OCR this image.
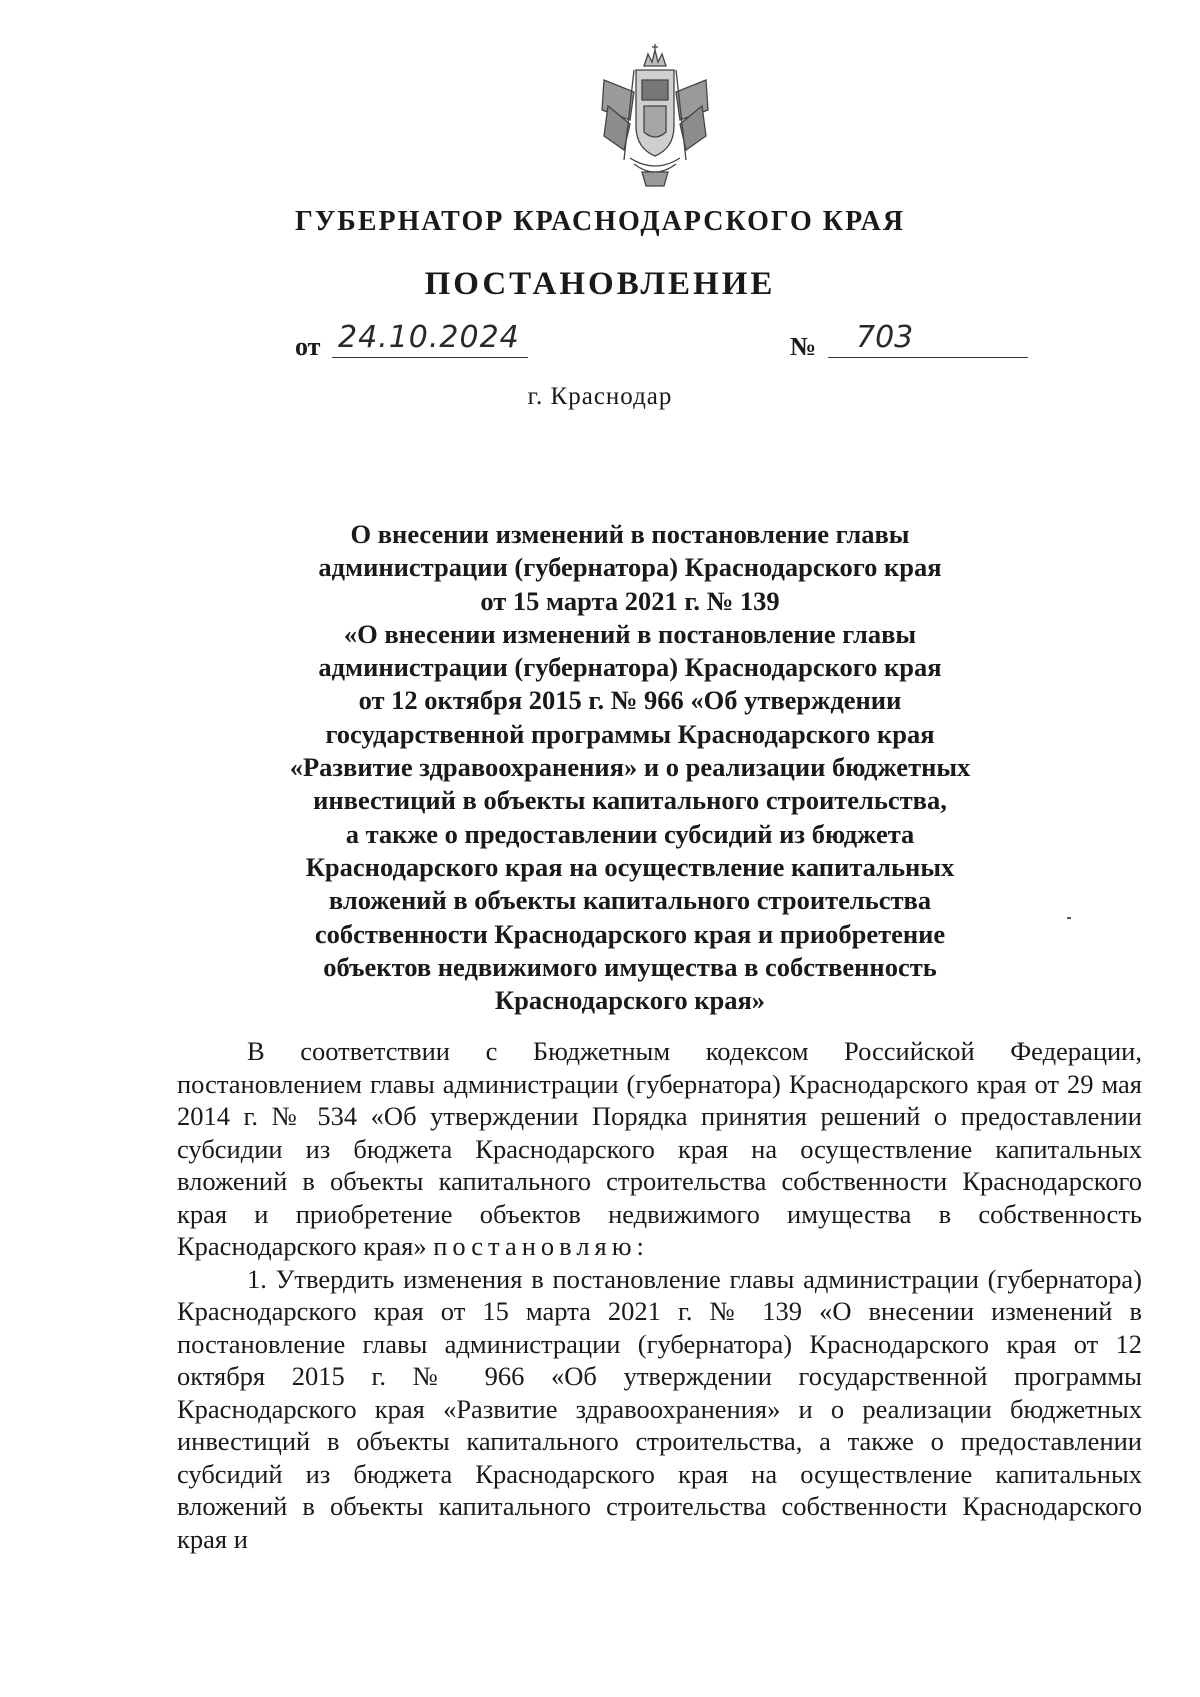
ГУБЕРНАТОР КРАСНОДАРСКОГО КРАЯ
ПОСТАНОВЛЕНИЕ
от 24.10.2024	№	703
г. Краснодар
О внесении изменений в постановление главы
администрации (губернатора) Краснодарского края
от 15 марта 2021 г. № 139
«О внесении изменений в постановление главы
администрации (губернатора) Краснодарского края
от 12 октября 2015 г. № 966 «Об утверждении
государственной программы Краснодарского края
«Развитие здравоохранения» и о реализации бюджетных
инвестиций в объекты капитального строительства,
а также о предоставлении субсидий из бюджета
Краснодарского края на осуществление капитальных
вложений в объекты капитального строительства
собственности Краснодарского края и приобретение
объектов недвижимого имущества в собственность
Краснодарского края»

В соответствии с Бюджетным кодексом Российской Федерации, постановлением главы администрации (губернатора) Краснодарского края от 29 мая 2014 г. № 534 «Об утверждении Порядка принятия решений о предоставлении субсидии из бюджета Краснодарского края на осуществление капитальных вложений в объекты капитального строительства собственности Краснодарского края и приобретение объектов недвижимого имущества в собственность Краснодарского края» постановляю:

1. Утвердить изменения в постановление главы администрации (губернатора) Краснодарского края от 15 марта 2021 г. № 139 «О внесении изменений в постановление главы администрации (губернатора) Краснодарского края от 12 октября 2015 г. № 966 «Об утверждении государственной программы Краснодарского края «Развитие здравоохранения» и о реализации бюджетных инвестиций в объекты капитального строительства, а также о предоставлении субсидий из бюджета Краснодарского края на осуществление капитальных вложений в объекты капитального строительства собственности Краснодарского края и
